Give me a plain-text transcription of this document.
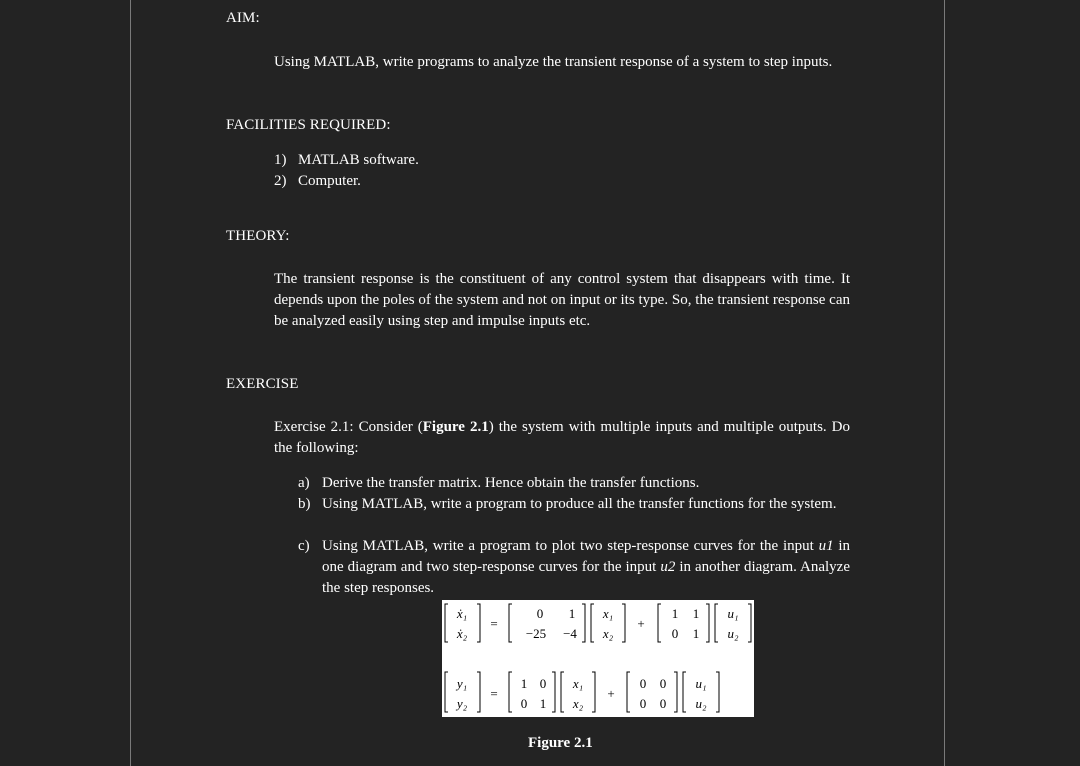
AIM:
Using MATLAB, write programs to analyze the transient response of a system to step inputs.
FACILITIES REQUIRED:
1) MATLAB software.
2) Computer.
THEORY:
The transient response is the constituent of any control system that disappears with time. It depends upon the poles of the system and not on input or its type. So, the transient response can be analyzed easily using step and impulse inputs etc.
EXERCISE
Exercise 2.1: Consider (Figure 2.1) the system with multiple inputs and multiple outputs. Do the following:
a) Derive the transfer matrix. Hence obtain the transfer functions.
b) Using MATLAB, write a program to produce all the transfer functions for the system.
c) Using MATLAB, write a program to plot two step-response curves for the input u1 in one diagram and two step-response curves for the input u2 in another diagram. Analyze the step responses.
ẋ₁
ẋ₂
=
0 1
−25 −4
x₁
x₂
+
1 1
0 1
u₁
u₂
y₁
y₂
=
1 0
0 1
x₁
x₂
+
0 0
0 0
u₁
u₂
Figure 2.1
